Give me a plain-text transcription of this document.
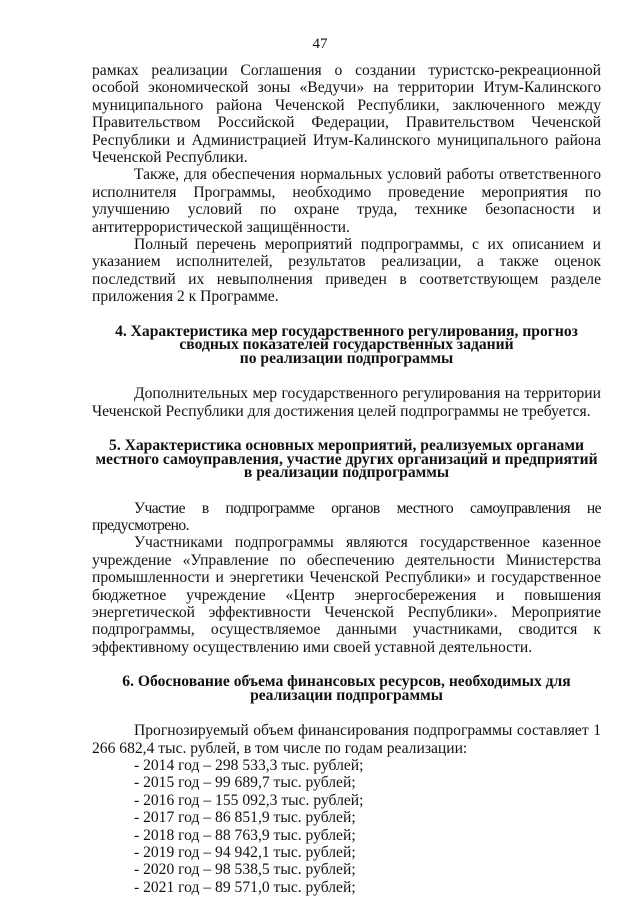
47

рамках реализации Соглашения о создании туристско-рекреационной особой экономической зоны «Ведучи» на территории Итум-Калинского муниципального района Чеченской Республики, заключенного между Правительством Российской Федерации, Правительством Чеченской Республики и Администрацией Итум-Калинского муниципального района Чеченской Республики.

Также, для обеспечения нормальных условий работы ответственного исполнителя Программы, необходимо проведение мероприятия по улучшению условий по охране труда, технике безопасности и антитеррористической защищённости.

Полный перечень мероприятий подпрограммы, с их описанием и указанием исполнителей, результатов реализации, а также оценок последствий их невыполнения приведен в соответствующем разделе приложения 2 к Программе.

4. Характеристика мер государственного регулирования, прогноз
сводных показателей государственных заданий
по реализации подпрограммы

Дополнительных мер государственного регулирования на территории Чеченской Республики для достижения целей подпрограммы не требуется.

5. Характеристика основных мероприятий, реализуемых органами
местного самоуправления, участие других организаций и предприятий
в реализации подпрограммы

Участие в подпрограмме органов местного самоуправления не предусмотрено.

Участниками подпрограммы являются государственное казенное учреждение «Управление по обеспечению деятельности Министерства промышленности и энергетики Чеченской Республики» и государственное бюджетное учреждение «Центр энергосбережения и повышения энергетической эффективности Чеченской Республики». Мероприятие подпрограммы, осуществляемое данными участниками, сводится к эффективному осуществлению ими своей уставной деятельности.

6. Обоснование объема финансовых ресурсов, необходимых для
реализации подпрограммы

Прогнозируемый объем финансирования подпрограммы составляет 1 266 682,4 тыс. рублей, в том числе по годам реализации:

- 2014 год – 298 533,3 тыс. рублей;
- 2015 год – 99 689,7 тыс. рублей;
- 2016 год – 155 092,3 тыс. рублей;
- 2017 год – 86 851,9 тыс. рублей;
- 2018 год – 88 763,9 тыс. рублей;
- 2019 год – 94 942,1 тыс. рублей;
- 2020 год – 98 538,5 тыс. рублей;
- 2021 год – 89 571,0 тыс. рублей;
